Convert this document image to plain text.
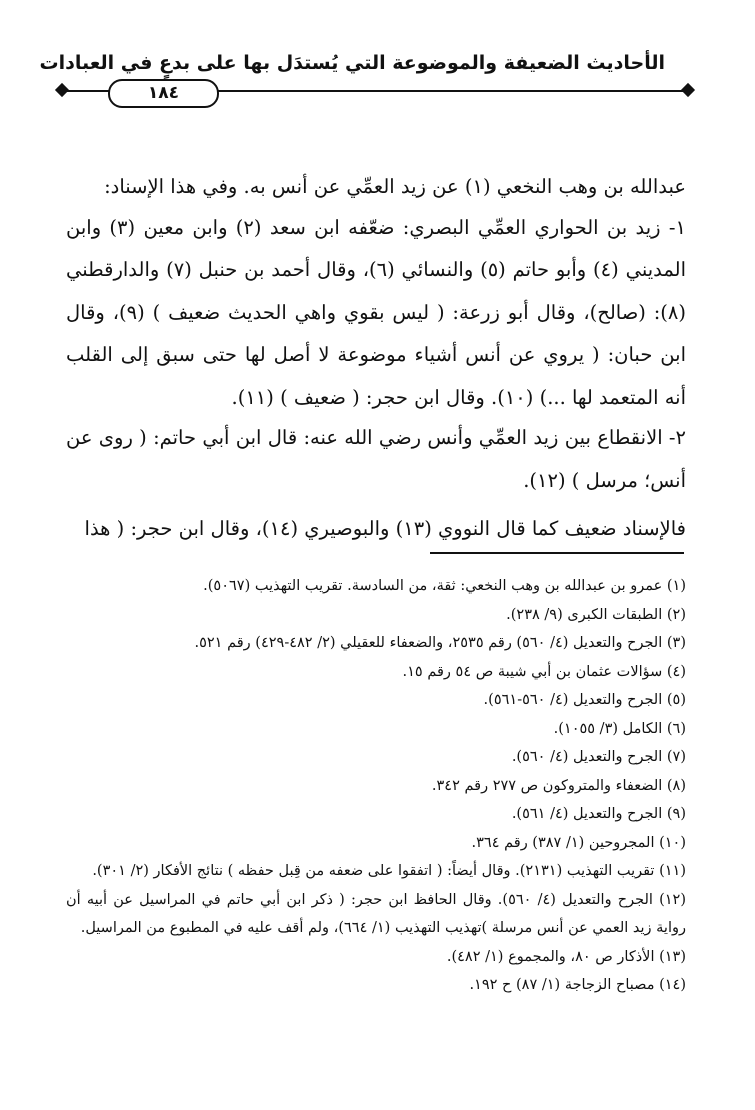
الأحاديث الضعيفة والموضوعة التي يُستدَل بها على بدعٍ في العبادات
١٨٤

عبدالله بن وهب النخعي (١) عن زيد العمِّي عن أنس به. وفي هذا الإسناد:

١- زيد بن الحواري العمِّي البصري: ضعّفه ابن سعد (٢) وابن معين (٣) وابن المديني (٤) وأبو حاتم (٥) والنسائي (٦)، وقال أحمد بن حنبل (٧) والدارقطني (٨): (صالح)، وقال أبو زرعة: ( ليس بقوي واهي الحديث ضعيف ) (٩)، وقال ابن حبان: ( يروي عن أنس أشياء موضوعة لا أصل لها حتى سبق إلى القلب أنه المتعمد لها ...) (١٠). وقال ابن حجر: ( ضعيف ) (١١).

٢- الانقطاع بين زيد العمِّي وأنس رضي الله عنه: قال ابن أبي حاتم: ( روى عن أنس؛ مرسل ) (١٢).

فالإسناد ضعيف كما قال النووي (١٣) والبوصيري (١٤)، وقال ابن حجر: ( هذا

(١) عمرو بن عبدالله بن وهب النخعي: ثقة، من السادسة. تقريب التهذيب (٥٠٦٧).

(٢) الطبقات الكبرى (٩/ ٢٣٨).

(٣) الجرح والتعديل (٤/ ٥٦٠) رقم ٢٥٣٥، والضعفاء للعقيلي (٢/ ٤٨٢-٤٢٩) رقم ٥٢١.

(٤) سؤالات عثمان بن أبي شيبة ص ٥٤ رقم ١٥.

(٥) الجرح والتعديل (٤/ ٥٦٠-٥٦١).

(٦) الكامل (٣/ ١٠٥٥).

(٧) الجرح والتعديل (٤/ ٥٦٠).

(٨) الضعفاء والمتروكون ص ٢٧٧ رقم ٣٤٢.

(٩) الجرح والتعديل (٤/ ٥٦١).

(١٠) المجروحين (١/ ٣٨٧) رقم ٣٦٤.

(١١) تقريب التهذيب (٢١٣١). وقال أيضاً: ( اتفقوا على ضعفه من قِبل حفظه ) نتائج الأفكار (٢/ ٣٠١).

(١٢) الجرح والتعديل (٤/ ٥٦٠). وقال الحافظ ابن حجر: ( ذكر ابن أبي حاتم في المراسيل عن أبيه أن رواية زيد العمي عن أنس مرسلة )تهذيب التهذيب (١/ ٦٦٤)، ولم أقف عليه في المطبوع من المراسيل.

(١٣) الأذكار ص ٨٠، والمجموع (١/ ٤٨٢).

(١٤) مصباح الزجاجة (١/ ٨٧) ح ١٩٢.
